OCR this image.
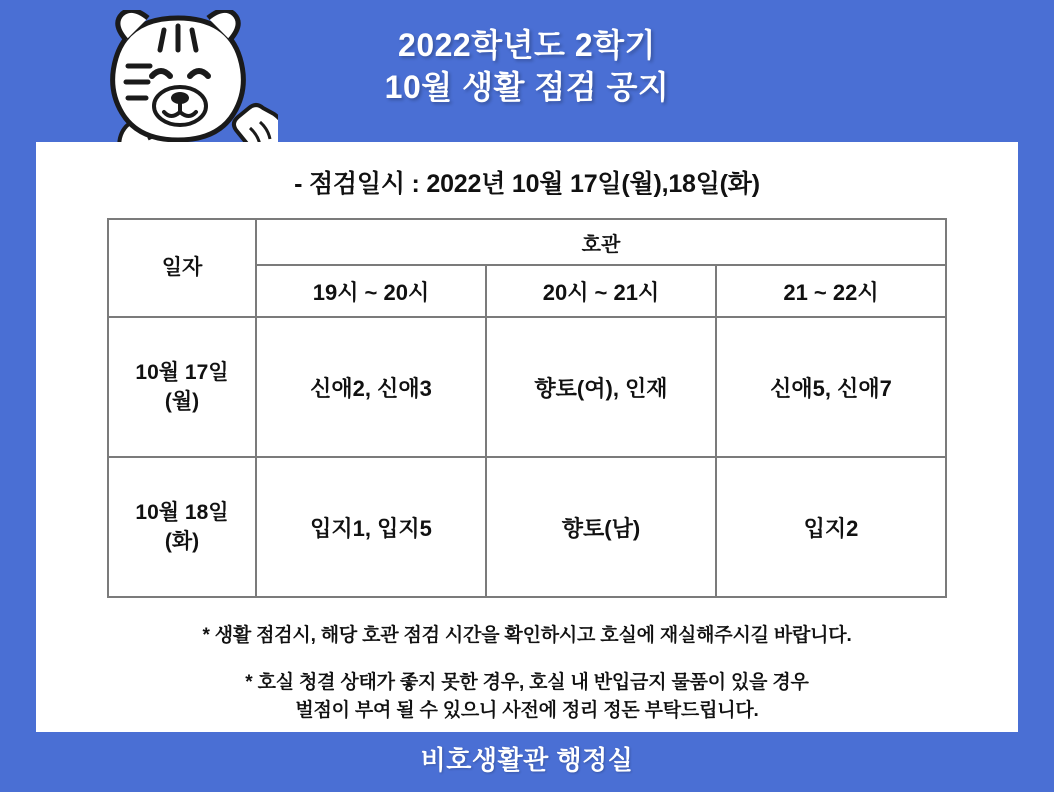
2022학년도 2학기
10월 생활 점검 공지

- 점검일시 : 2022년 10월 17일(월),18일(화)

일자	호관		
	19시 ~ 20시	20시 ~ 21시	21 ~ 22시

10월 17일
(월)	신애2, 신애3	향토(여), 인재	신애5, 신애7

10월 18일
(화)	입지1, 입지5	향토(남)	입지2
* 생활 점검시, 해당 호관 점검 시간을 확인하시고 호실에 재실해주시길 바랍니다.
* 호실 청결 상태가 좋지 못한 경우, 호실 내 반입금지 물품이 있을 경우
벌점이 부여 될 수 있으니 사전에 정리 정돈 부탁드립니다.
비호생활관 행정실
